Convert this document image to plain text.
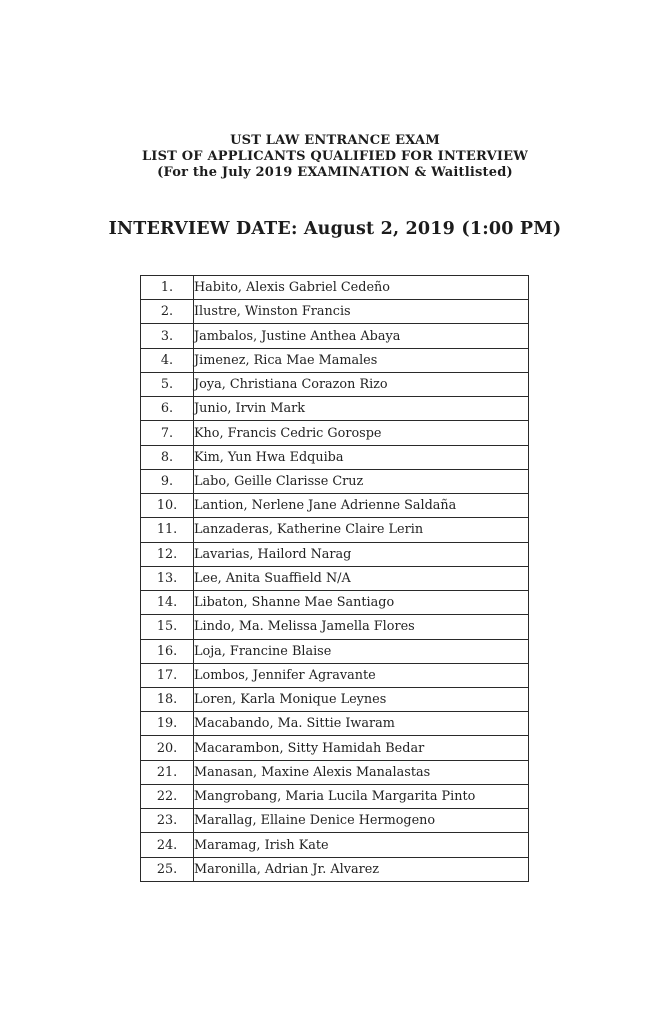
UST LAW ENTRANCE EXAM
LIST OF APPLICANTS QUALIFIED FOR INTERVIEW
(For the July 2019 EXAMINATION & Waitlisted)
INTERVIEW DATE: August 2, 2019 (1:00 PM)
1.	Habito, Alexis Gabriel Cedeño
2.	Ilustre, Winston Francis
3.	Jambalos, Justine Anthea Abaya
4.	Jimenez, Rica Mae Mamales
5.	Joya, Christiana Corazon Rizo
6.	Junio, Irvin Mark
7.	Kho, Francis Cedric Gorospe
8.	Kim, Yun Hwa Edquiba
9.	Labo, Geille Clarisse Cruz
10.	Lantion, Nerlene Jane Adrienne Saldaña
11.	Lanzaderas, Katherine Claire Lerin
12.	Lavarias, Hailord Narag
13.	Lee, Anita Suaffield N/A
14.	Libaton, Shanne Mae Santiago
15.	Lindo, Ma. Melissa Jamella Flores
16.	Loja, Francine Blaise
17.	Lombos, Jennifer Agravante
18.	Loren, Karla Monique Leynes
19.	Macabando, Ma. Sittie Iwaram
20.	Macarambon, Sitty Hamidah Bedar
21.	Manasan, Maxine Alexis Manalastas
22.	Mangrobang, Maria Lucila Margarita Pinto
23.	Marallag, Ellaine Denice Hermogeno
24.	Maramag, Irish Kate
25.	Maronilla, Adrian Jr. Alvarez
